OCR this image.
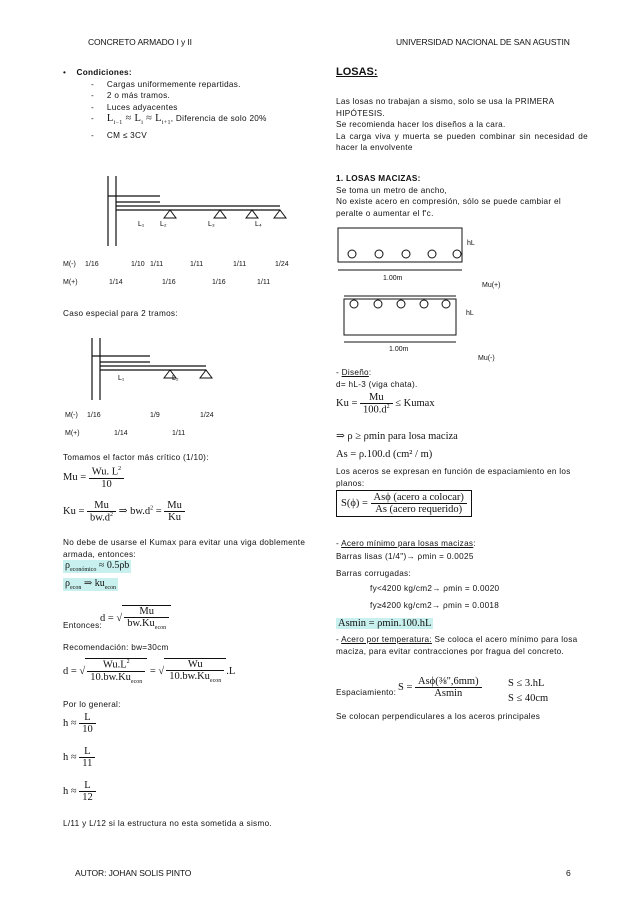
CONCRETO ARMADO I y II	UNIVERSIDAD NACIONAL DE SAN AGUSTIN
• Condiciones:
-     Cargas uniformemente repartidas.
-     2 o más tramos.
-     Luces adyacentes
-     $L_{i-1} \approx L_i \approx L_{i+1}$, Diferencia de solo 20%
-     CM ≤ 3CV
L₁ L₂	L₃	L₄
M(-) 1/16	1/10 1/11	1/11	1/11	1/24
M(+)	1/14	1/16	1/16	1/11
Caso especial para 2 tramos:
L₁	L₂
M(-) 1/16	1/9	1/24
M(+)	1/14	1/11
Tomamos el factor más crítico (1/10):
$Mu = \frac{Wu. L^2}{10}$
$Ku = \frac{Mu}{bw.d^2}$ ⇒ $bw.d^2 = \frac{Mu}{Ku}$
No debe de usarse el Kumax para evitar una viga doblemente armada, entonces:
$\rho_{económico} \approx 0.5\rho b$
$\rho_{econ}$ ⇒ $ku_{econ}$
Entonces:
d = √ $\frac{Mu}{bw.Ku_{econ}}$
Recomendación: bw=30cm
d = √ $\frac{Wu.L^2}{10.bw.Ku_{econ}}$ = √ $\frac{Wu}{10.bw.Ku_{econ}} .L$
Por lo general:
$h \approx \frac{L}{10}$
$h \approx \frac{L}{11}$
$h \approx \frac{L}{12}$
L/11 y L/12 si la estructura no esta sometida a sismo.
LOSAS:
Las losas no trabajan a sismo, solo se usa la PRIMERA HIPÓTESIS.
Se recomienda hacer los diseños a la cara.
La carga viva y muerta se pueden combinar sin necesidad de hacer la envolvente
1. LOSAS MACIZAS:
Se toma un metro de ancho,
No existe acero en compresión, sólo se puede cambiar el peralte o aumentar el f'c.
hL
1.00m
Mu(+)
hL
1.00m
Mu(-)
- Diseño:
d= hL-3 (viga chata).
$Ku = \frac{Mu}{100.d^2} \le Kumax$
⇒ ρ ≥ ρmin para losa maciza
As = ρ.100.d (cm² / m)
Los aceros se expresan en función de espaciamiento en los planos:
$S(\phi) = \frac{\text{Asϕ (acero a colocar)}}{\text{As (acero requerido)}}$
- Acero mínimo para losas macizas:
Barras lisas (1/4")→ ρmin = 0.0025
Barras corrugadas:
fy<4200 kg/cm2→ ρmin = 0.0020
fy≥4200 kg/cm2→ ρmin = 0.0018
Asmin = ρmin.100.hL
- Acero por temperatura: Se coloca el acero mínimo para losa maciza, para evitar contracciones por fragua del concreto.
Espaciamiento: $S = \frac{\text{Asϕ(⅜",6mm)}}{Asmin}$	S ≤ 3.hL
S ≤ 40cm
Se colocan perpendiculares a los aceros principales
AUTOR: JOHAN SOLIS PINTO	6
